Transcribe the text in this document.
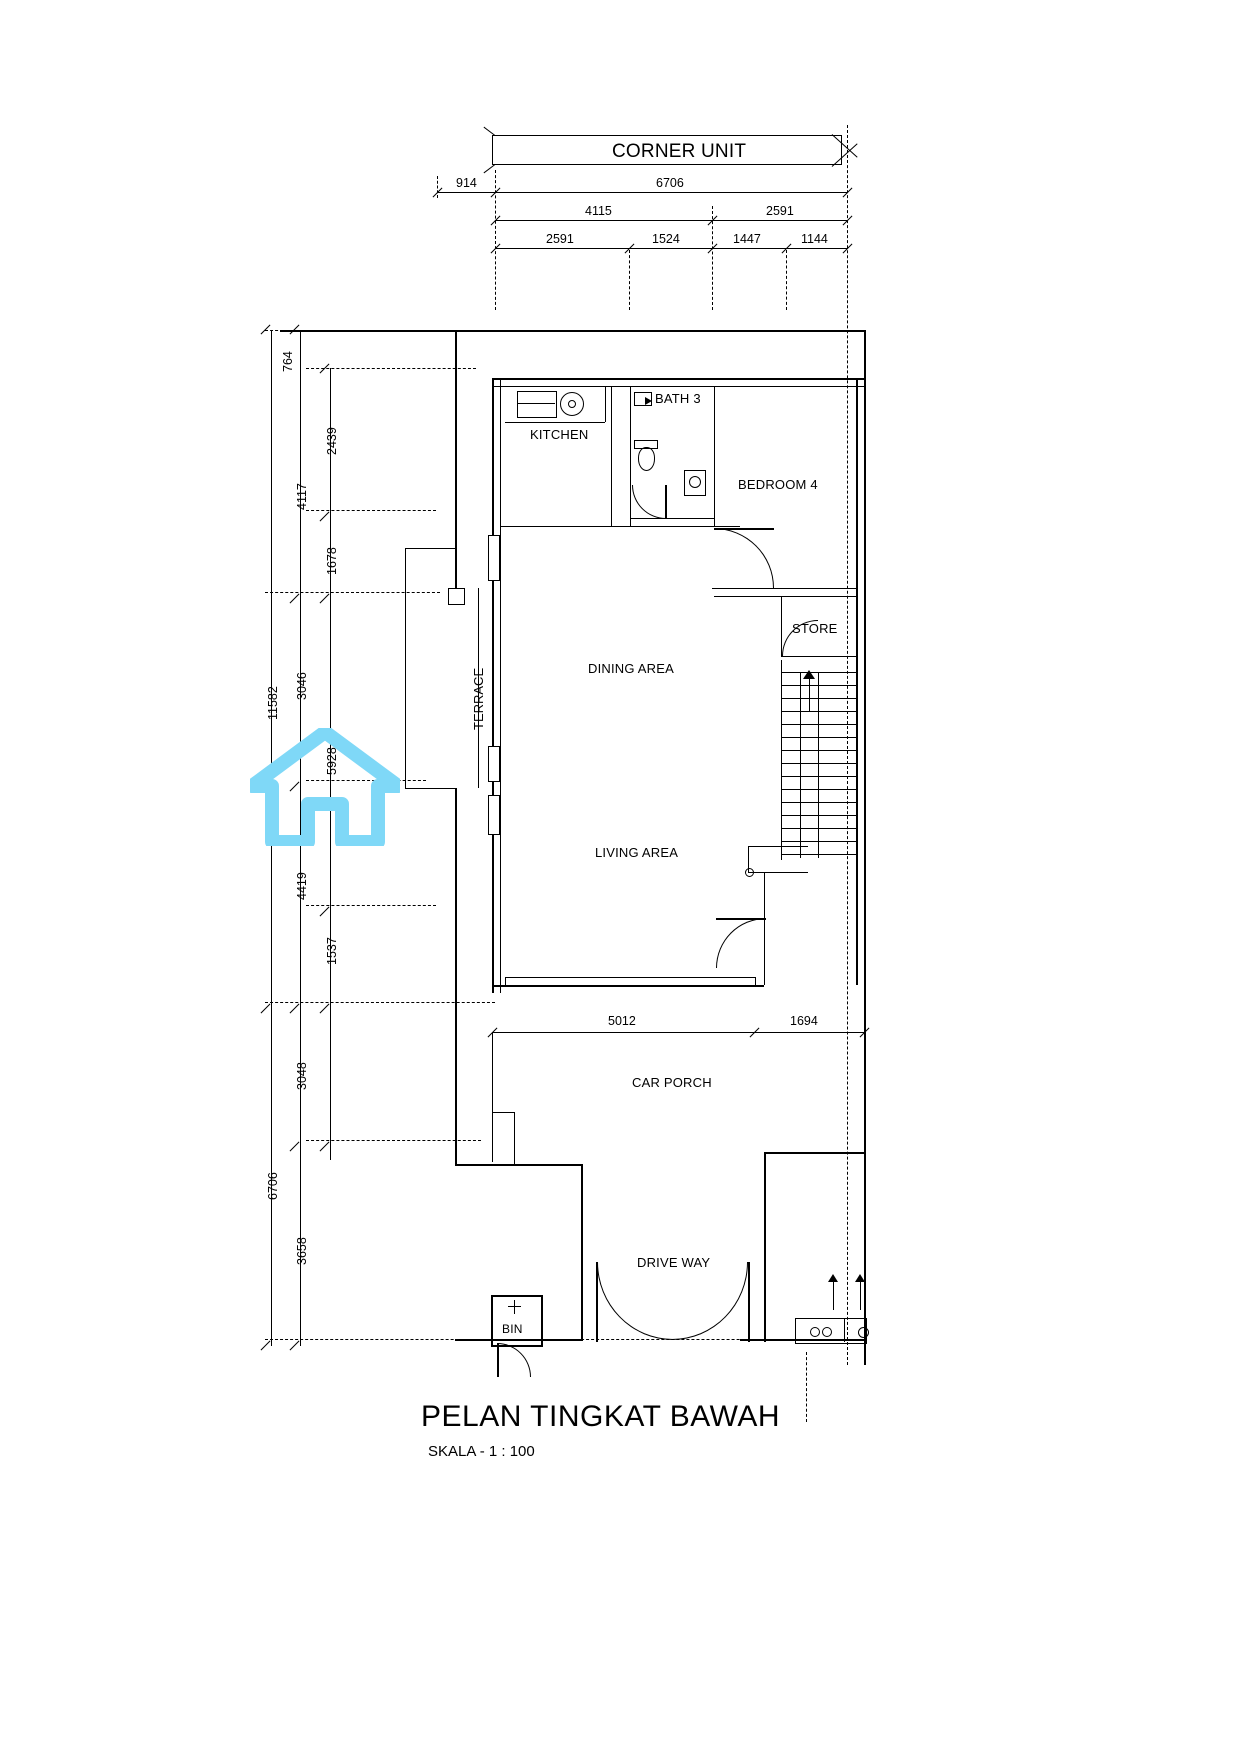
CORNER UNIT
914	6706
4115	2591
2591	1524	1447	1144
11582
6706
4117
3046
4419
3048
3658
764
2439
1678
5928
1537
KITCHEN
BATH 3
BEDROOM 4
STORE
DINING AREA
LIVING AREA
TERRACE
5012	1694
CAR PORCH
DRIVE WAY
BIN
PELAN TINGKAT BAWAH
SKALA - 1 : 100
